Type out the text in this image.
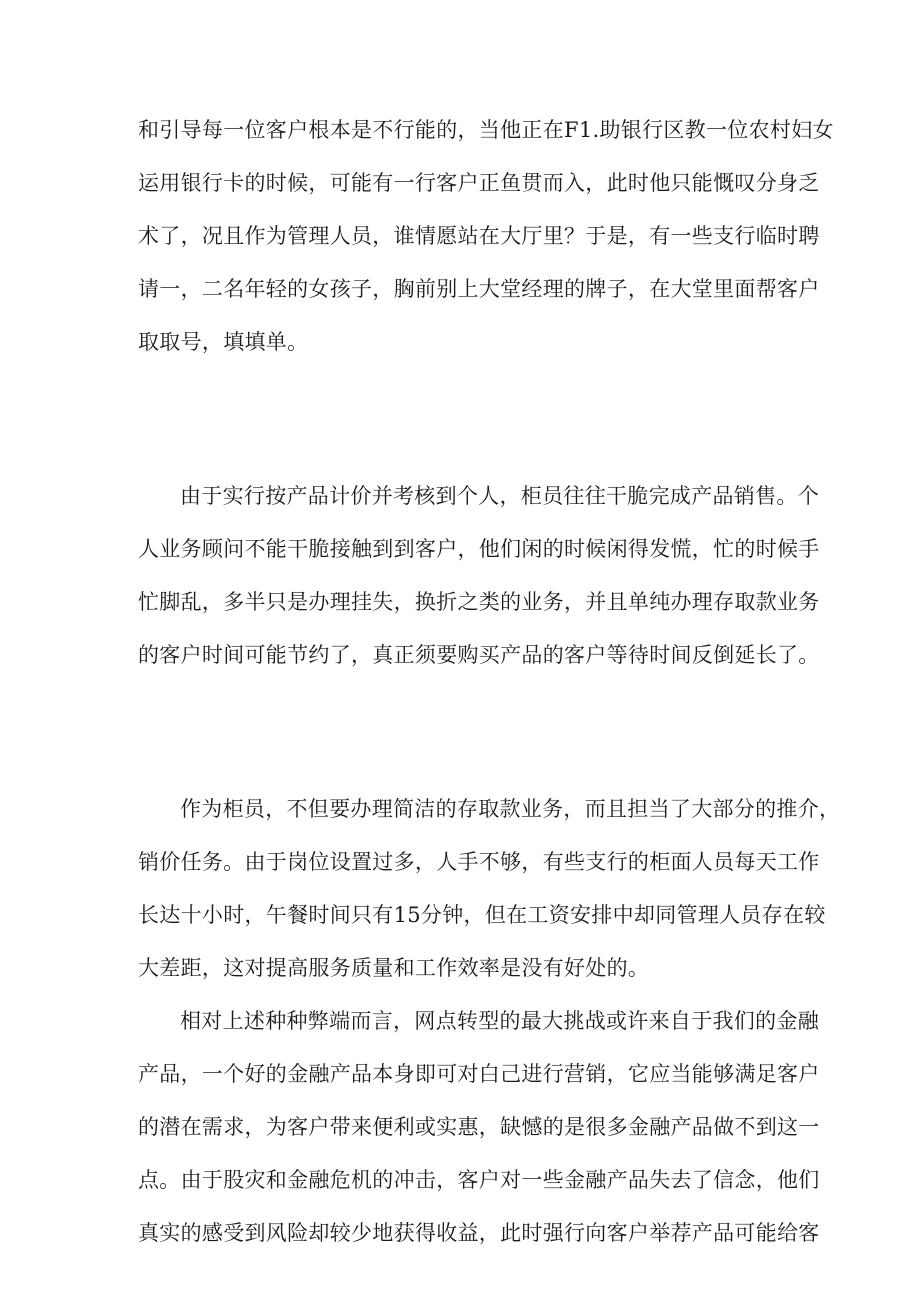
和引导每一位客户根本是不行能的，当他正在F1.助银行区教一位农村妇女
运用银行卡的时候，可能有一行客户正鱼贯而入，此时他只能慨叹分身乏
术了，况且作为管理人员，谁情愿站在大厅里？于是，有一些支行临时聘
请一，二名年轻的女孩子，胸前别上大堂经理的牌子，在大堂里面帮客户
取取号，填填单。
由于实行按产品计价并考核到个人，柜员往往干脆完成产品销售。个
人业务顾问不能干脆接触到到客户，他们闲的时候闲得发慌，忙的时候手
忙脚乱，多半只是办理挂失，换折之类的业务，并且单纯办理存取款业务
的客户时间可能节约了，真正须要购买产品的客户等待时间反倒延长了。
作为柜员，不但要办理简洁的存取款业务，而且担当了大部分的推介，
销价任务。由于岗位设置过多，人手不够，有些支行的柜面人员每天工作
长达十小时，午餐时间只有15分钟，但在工资安排中却同管理人员存在较
大差距，这对提高服务质量和工作效率是没有好处的。
相对上述种种弊端而言，网点转型的最大挑战或许来自于我们的金融
产品，一个好的金融产品本身即可对白己进行营销，它应当能够满足客户
的潜在需求，为客户带来便利或实惠，缺憾的是很多金融产品做不到这一
点。由于股灾和金融危机的冲击，客户对一些金融产品失去了信念，他们
真实的感受到风险却较少地获得收益，此时强行向客户举荐产品可能给客
